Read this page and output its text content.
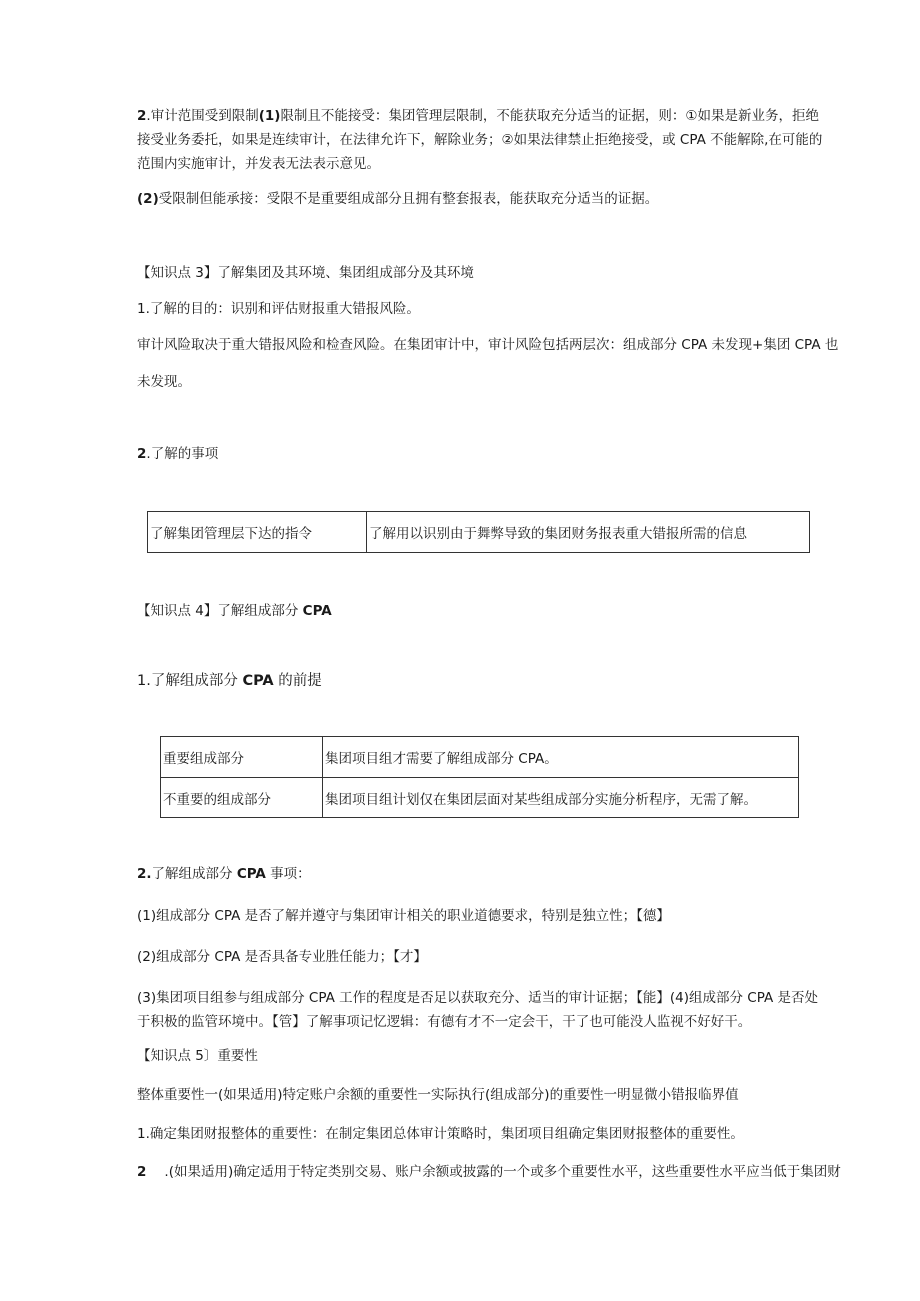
2.审计范围受到限制(1)限制且不能接受：集团管理层限制，不能获取充分适当的证据，则：①如果是新业务，拒绝接受业务委托，如果是连续审计，在法律允许下，解除业务；②如果法律禁止拒绝接受，或 CPA 不能解除,在可能的范围内实施审计，并发表无法表示意见。
(2)受限制但能承接：受限不是重要组成部分且拥有整套报表，能获取充分适当的证据。
【知识点 3】了解集团及其环境、集团组成部分及其环境
1.了解的目的：识别和评估财报重大错报风险。
审计风险取决于重大错报风险和检查风险。在集团审计中，审计风险包括两层次：组成部分 CPA 未发现+集团 CPA 也
未发现。
2.了解的事项
了解集团管理层下达的指令	了解用以识别由于舞弊导致的集团财务报表重大错报所需的信息
【知识点 4】了解组成部分 CPA
1.了解组成部分 CPA 的前提
重要组成部分	集团项目组才需要了解组成部分 CPA。
不重要的组成部分	集团项目组计划仅在集团层面对某些组成部分实施分析程序，无需了解。
2.了解组成部分 CPA 事项：
(1)组成部分 CPA 是否了解并遵守与集团审计相关的职业道德要求，特别是独立性；【德】
(2)组成部分 CPA 是否具备专业胜任能力；【才】
(3)集团项目组参与组成部分 CPA 工作的程度是否足以获取充分、适当的审计证据；【能】(4)组成部分 CPA 是否处于积极的监管环境中。【管】了解事项记忆逻辑：有德有才不一定会干，干了也可能没人监视不好好干。
【知识点 5〕重要性
整体重要性一(如果适用)特定账户余额的重要性一实际执行(组成部分)的重要性一明显微小错报临界值
1.确定集团财报整体的重要性：在制定集团总体审计策略时，集团项目组确定集团财报整体的重要性。
2 .(如果适用)确定适用于特定类别交易、账户余额或披露的一个或多个重要性水平，这些重要性水平应当低于集团财
